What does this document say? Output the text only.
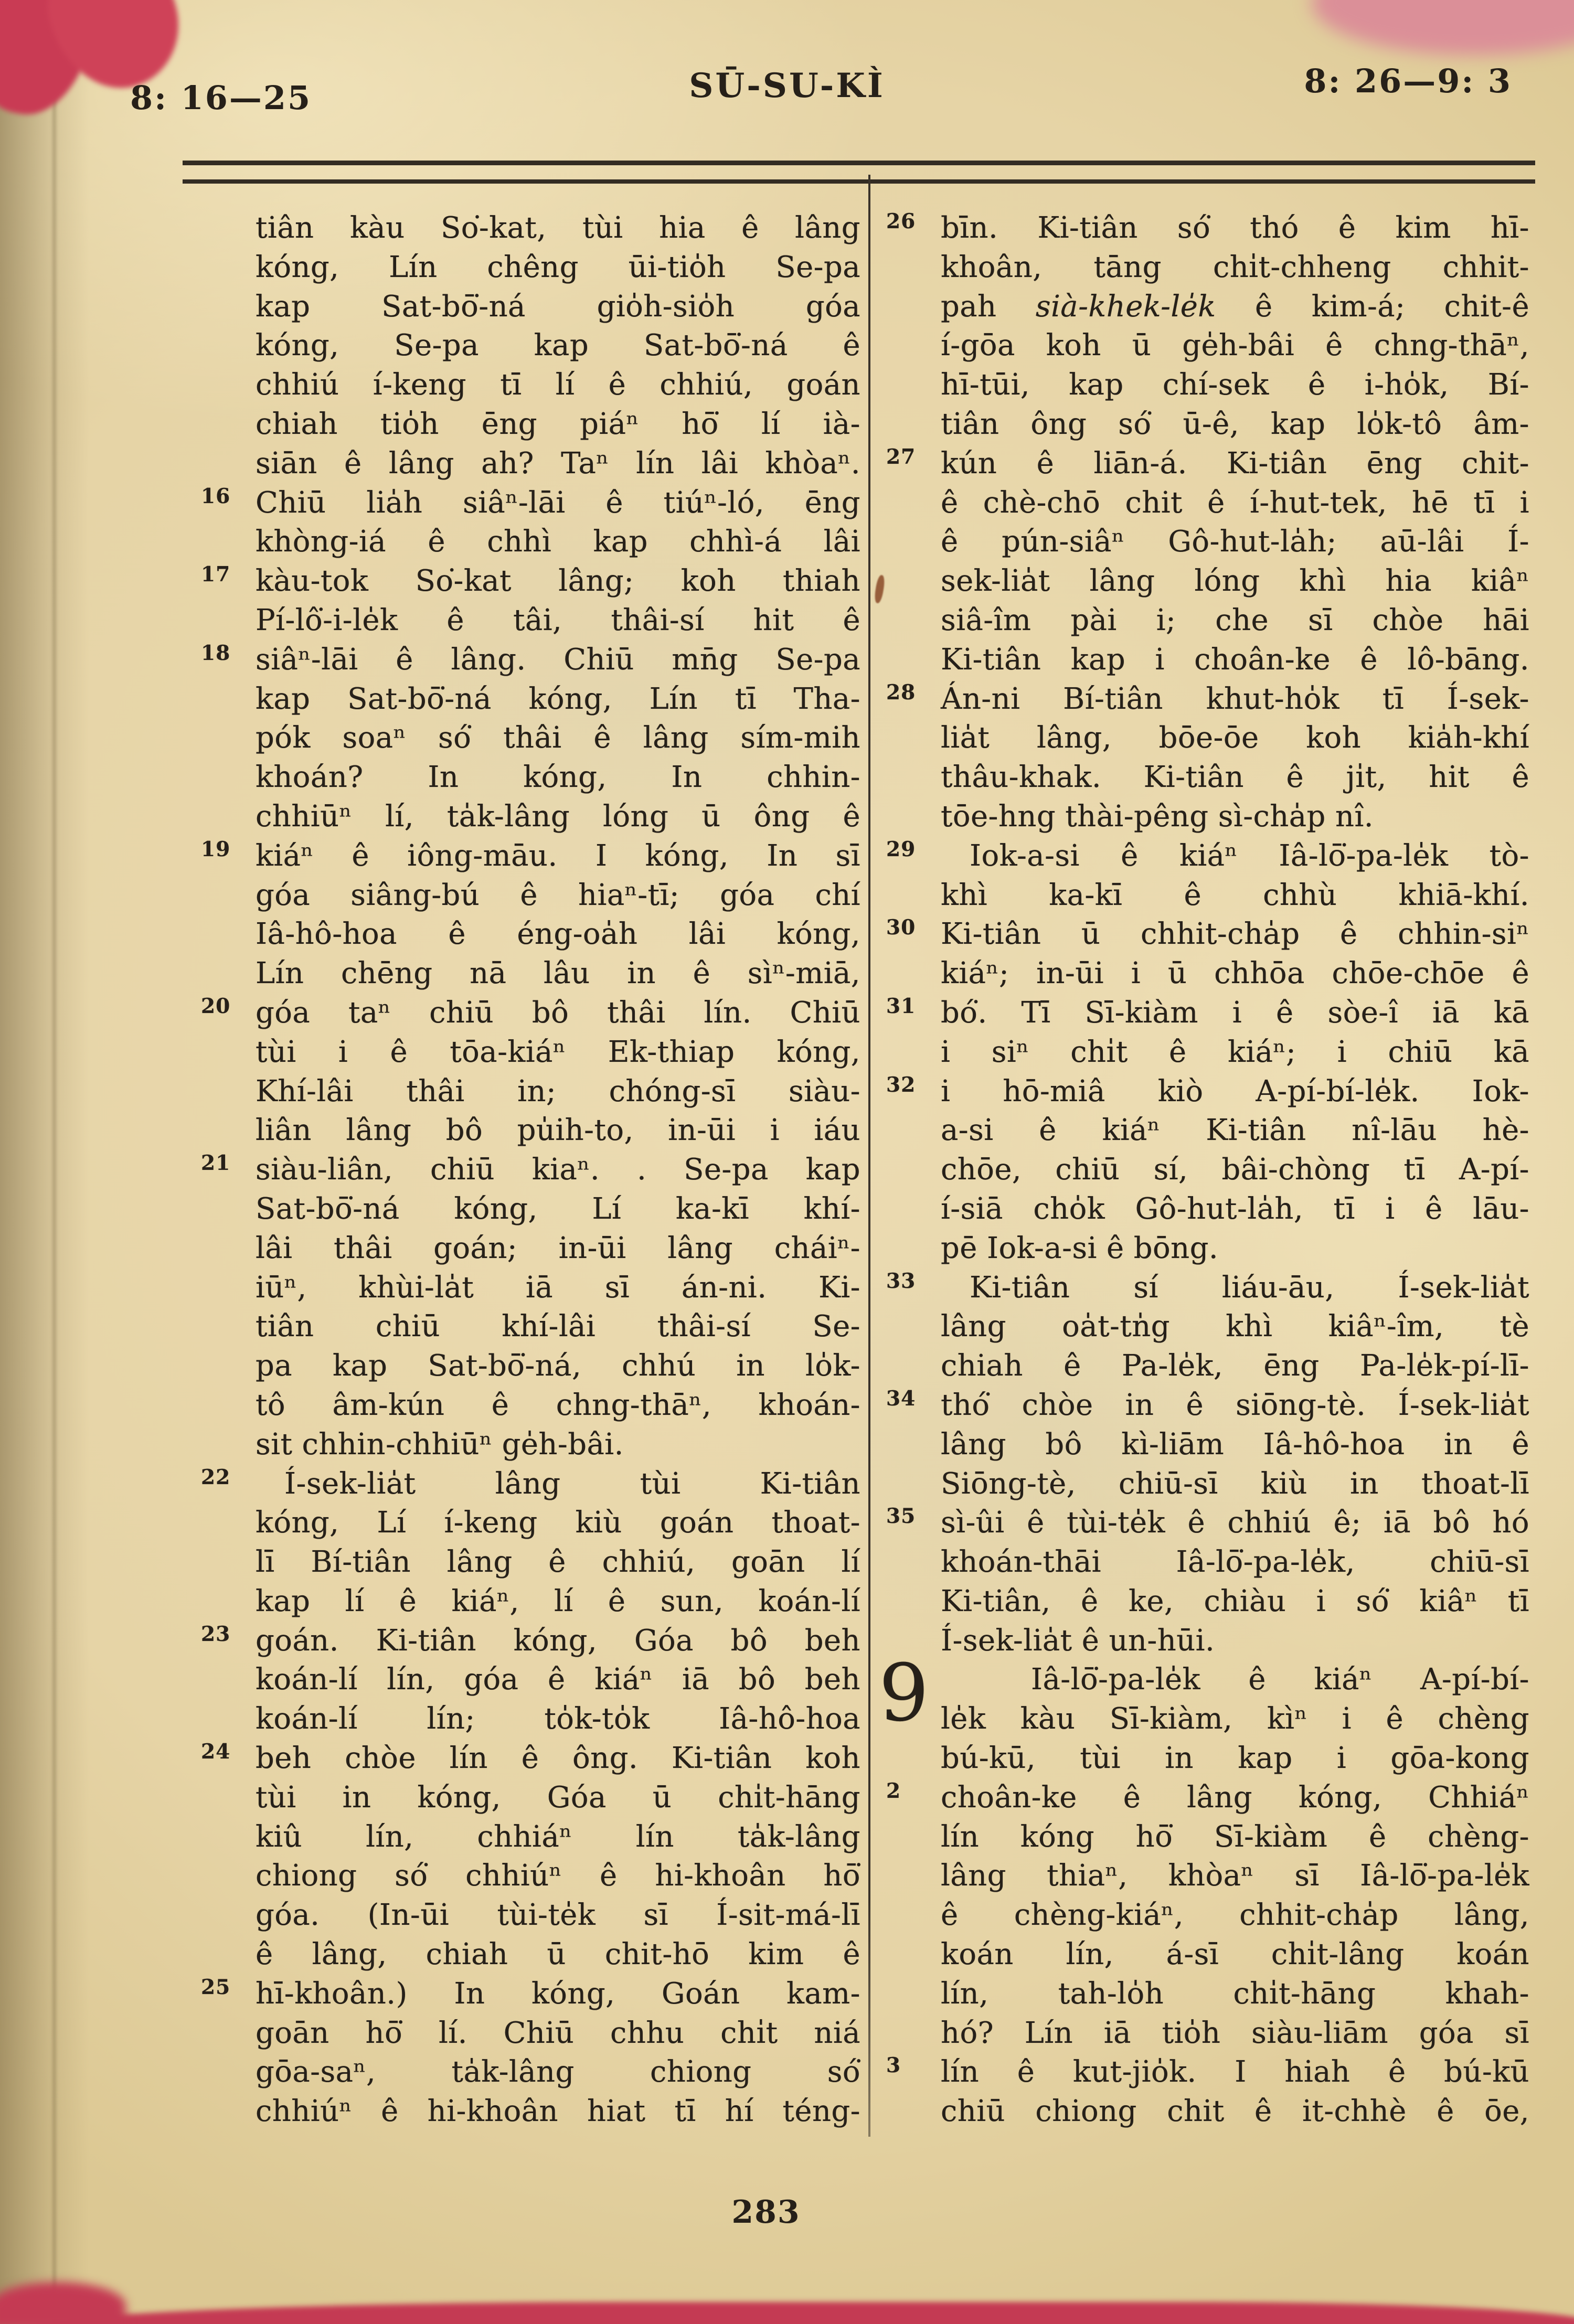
8: 16—25	SŪ-SU-KÌ	8: 26—9: 3
tiân kàu So͘-kat, tùi hia ê lâng
kóng, Lín chêng ūi-tio̍h Se-pa
kap Sat-bō͘-ná gio̍h-sio̍h góa
kóng, Se-pa kap Sat-bō͘-ná ê
chhiú í-keng tī lí ê chhiú, goán
chiah tio̍h ēng piáⁿ hō͘ lí ià-
siān ê lâng ah? Taⁿ lín lâi khòaⁿ.
16 Chiū lia̍h siâⁿ-lāi ê tiúⁿ-ló, ēng
khòng-iá ê chhì kap chhì-á lâi
17 kàu-tok So͘-kat lâng; koh thiah
Pí-lô͘-i-le̍k ê tâi, thâi-sí hit ê
18 siâⁿ-lāi ê lâng. Chiū mn̄g Se-pa
kap Sat-bō͘-ná kóng, Lín tī Tha-
pók soaⁿ só͘ thâi ê lâng sím-mih
khoán? In kóng, In chhin-
chhiūⁿ lí, ta̍k-lâng lóng ū ông ê
19 kiáⁿ ê iông-māu. I kóng, In sī
góa siâng-bú ê hiaⁿ-tī; góa chí
Iâ-hô-hoa ê éng-oa̍h lâi kóng,
Lín chēng nā lâu in ê sìⁿ-miā,
20 góa taⁿ chiū bô thâi lín. Chiū
tùi i ê tōa-kiáⁿ Ek-thiap kóng,
Khí-lâi thâi in; chóng-sī siàu-
liân lâng bô pu̍ih-to, in-ūi i iáu
21 siàu-liân, chiū kiaⁿ. . Se-pa kap
Sat-bō͘-ná kóng, Lí ka-kī khí-
lâi thâi goán; in-ūi lâng cháiⁿ-
iūⁿ, khùi-la̍t iā sī án-ni. Ki-
tiân chiū khí-lâi thâi-sí Se-
pa kap Sat-bō͘-ná, chhú in lo̍k-
tô âm-kún ê chng-thāⁿ, khoán-
sit chhin-chhiūⁿ ge̍h-bâi.
22 Í-sek-lia̍t lâng tùi Ki-tiân
kóng, Lí í-keng kiù goán thoat-
lī Bí-tiân lâng ê chhiú, goān lí
kap lí ê kiáⁿ, lí ê sun, koán-lí
23 goán. Ki-tiân kóng, Góa bô beh
koán-lí lín, góa ê kiáⁿ iā bô beh
koán-lí lín; to̍k-to̍k Iâ-hô-hoa
24 beh chòe lín ê ông. Ki-tiân koh
tùi in kóng, Góa ū chi̍t-hāng
kiû lín, chhiáⁿ lín ta̍k-lâng
chiong só͘ chhiúⁿ ê hi-khoân hō͘
góa. (In-ūi tùi-te̍k sī Í-sit-má-lī
ê lâng, chiah ū chit-hō kim ê
25 hī-khoân.) In kóng, Goán kam-
goān hō͘ lí. Chiū chhu chi̍t niá
gōa-saⁿ, ta̍k-lâng chiong só͘
chhiúⁿ ê hi-khoân hiat tī hí téng-
26 bīn. Ki-tiân só͘ thó ê kim hī-
khoân, tāng chi̍t-chheng chhit-
pah sià-khek-le̍k ê kim-á; chit-ê
í-gōa koh ū ge̍h-bâi ê chng-thāⁿ,
hī-tūi, kap chí-sek ê i-ho̍k, Bí-
tiân ông só͘ ū-ê, kap lo̍k-tô âm-
27 kún ê liān-á. Ki-tiân ēng chit-
ê chè-chō chit ê í-hut-tek, hē tī i
ê pún-siâⁿ Gô-hut-la̍h; aū-lâi Í-
sek-lia̍t lâng lóng khì hia kiâⁿ
siâ-îm pài i; che sī chòe hāi
Ki-tiân kap i choân-ke ê lô-bāng.
28 Án-ni Bí-tiân khut-ho̍k tī Í-sek-
lia̍t lâng, bōe-ōe koh kia̍h-khí
thâu-khak. Ki-tiân ê ji̍t, hit ê
tōe-hng thài-pêng sì-cha̍p nî.
29 Iok-a-si ê kiáⁿ Iâ-lō͘-pa-le̍k tò-
khì ka-kī ê chhù khiā-khí.
30 Ki-tiân ū chhit-cha̍p ê chhin-siⁿ
kiáⁿ; in-ūi i ū chhōa chōe-chōe ê
31 bó͘. Tī Sī-kiàm i ê sòe-î iā kā
i siⁿ chi̍t ê kiáⁿ; i chiū kā
32 i hō-miâ kiò A-pí-bí-le̍k. Iok-
a-si ê kiáⁿ Ki-tiân nî-lāu hè-
chōe, chiū sí, bâi-chòng tī A-pí-
í-siā cho̍k Gô-hut-la̍h, tī i ê lāu-
pē Iok-a-si ê bōng.
33 Ki-tiân sí liáu-āu, Í-sek-lia̍t
lâng oa̍t-tn̍g khì kiâⁿ-îm, tè
chiah ê Pa-le̍k, ēng Pa-le̍k-pí-lī-
34 thó͘ chòe in ê siōng-tè. Í-sek-lia̍t
lâng bô kì-liām Iâ-hô-hoa in ê
Siōng-tè, chiū-sī kiù in thoat-lī
35 sì-ûi ê tùi-te̍k ê chhiú ê; iā bô hó
khoán-thāi Iâ-lō͘-pa-le̍k, chiū-sī
Ki-tiân, ê ke, chiàu i só͘ kiâⁿ tī
Í-sek-lia̍t ê un-hūi.
9	Iâ-lō͘-pa-le̍k ê kiáⁿ A-pí-bí-
le̍k kàu Sī-kiàm, kìⁿ i ê chèng
bú-kū, tùi in kap i gōa-kong
2 choân-ke ê lâng kóng, Chhiáⁿ
lín kóng hō͘ Sī-kiàm ê chèng-
lâng thiaⁿ, khòaⁿ sī Iâ-lō͘-pa-le̍k
ê chèng-kiáⁿ, chhit-cha̍p lâng,
koán lín, á-sī chi̍t-lâng koán
lín, tah-lo̍h chi̍t-hāng khah-
hó? Lín iā tio̍h siàu-liām góa sī
3 lín ê kut-jio̍k. I hiah ê bú-kū
chiū chiong chit ê it-chhè ê ōe,
283
